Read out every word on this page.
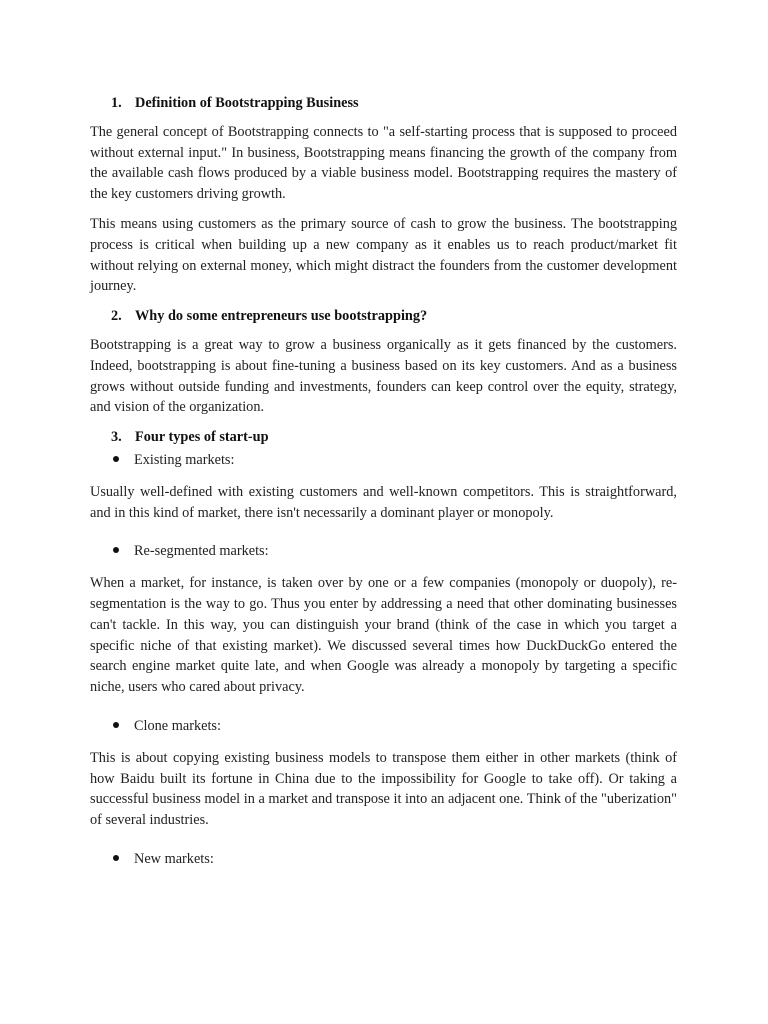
1. Definition of Bootstrapping Business

The general concept of Bootstrapping connects to "a self-starting process that is supposed to proceed without external input." In business, Bootstrapping means financing the growth of the company from the available cash flows produced by a viable business model. Bootstrapping requires the mastery of the key customers driving growth.

This means using customers as the primary source of cash to grow the business. The bootstrapping process is critical when building up a new company as it enables us to reach product/market fit without relying on external money, which might distract the founders from the customer development journey.

2. Why do some entrepreneurs use bootstrapping?

Bootstrapping is a great way to grow a business organically as it gets financed by the customers. Indeed, bootstrapping is about fine-tuning a business based on its key customers. And as a business grows without outside funding and investments, founders can keep control over the equity, strategy, and vision of the organization.

3. Four types of start-up
Existing markets:

Usually well-defined with existing customers and well-known competitors. This is straightforward, and in this kind of market, there isn't necessarily a dominant player or monopoly.

Re-segmented markets:

When a market, for instance, is taken over by one or a few companies (monopoly or duopoly), re-segmentation is the way to go. Thus you enter by addressing a need that other dominating businesses can't tackle. In this way, you can distinguish your brand (think of the case in which you target a specific niche of that existing market). We discussed several times how DuckDuckGo entered the search engine market quite late, and when Google was already a monopoly by targeting a specific niche, users who cared about privacy.

Clone markets:

This is about copying existing business models to transpose them either in other markets (think of how Baidu built its fortune in China due to the impossibility for Google to take off). Or taking a successful business model in a market and transpose it into an adjacent one. Think of the "uberization" of several industries.

New markets:
